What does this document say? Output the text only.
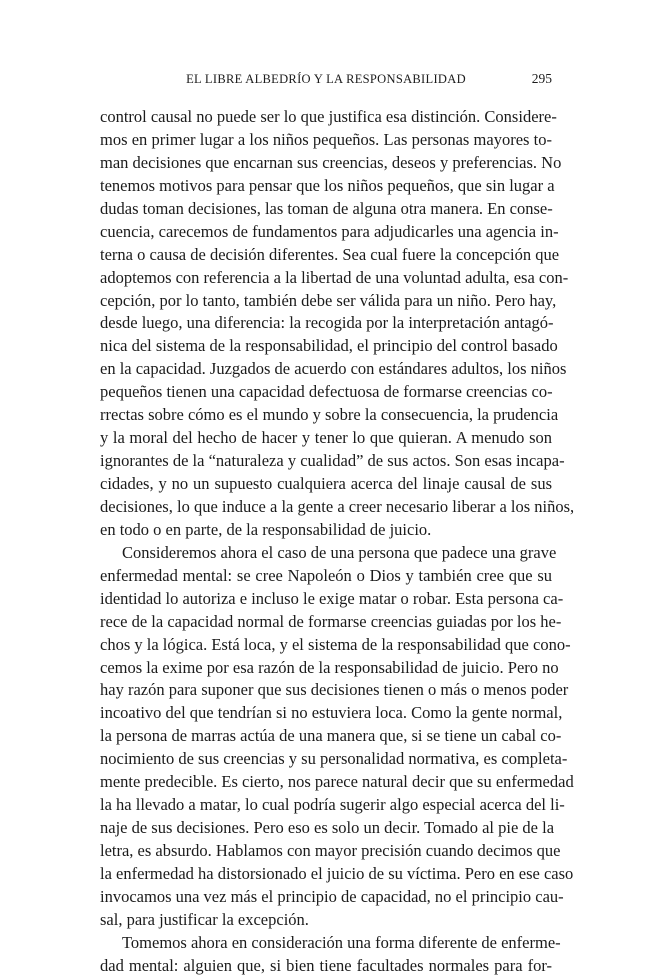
EL LIBRE ALBEDRÍO Y LA RESPONSABILIDAD	295
control causal no puede ser lo que justifica esa distinción. Considere-
mos en primer lugar a los niños pequeños. Las personas mayores to-
man decisiones que encarnan sus creencias, deseos y preferencias. No
tenemos motivos para pensar que los niños pequeños, que sin lugar a
dudas toman decisiones, las toman de alguna otra manera. En conse-
cuencia, carecemos de fundamentos para adjudicarles una agencia in-
terna o causa de decisión diferentes. Sea cual fuere la concepción que
adoptemos con referencia a la libertad de una voluntad adulta, esa con-
cepción, por lo tanto, también debe ser válida para un niño. Pero hay,
desde luego, una diferencia: la recogida por la interpretación antagó-
nica del sistema de la responsabilidad, el principio del control basado
en la capacidad. Juzgados de acuerdo con estándares adultos, los niños
pequeños tienen una capacidad defectuosa de formarse creencias co-
rrectas sobre cómo es el mundo y sobre la consecuencia, la prudencia
y la moral del hecho de hacer y tener lo que quieran. A menudo son
ignorantes de la “naturaleza y cualidad” de sus actos. Son esas incapa-
cidades, y no un supuesto cualquiera acerca del linaje causal de sus
decisiones, lo que induce a la gente a creer necesario liberar a los niños,
en todo o en parte, de la responsabilidad de juicio.
Consideremos ahora el caso de una persona que padece una grave
enfermedad mental: se cree Napoleón o Dios y también cree que su
identidad lo autoriza e incluso le exige matar o robar. Esta persona ca-
rece de la capacidad normal de formarse creencias guiadas por los he-
chos y la lógica. Está loca, y el sistema de la responsabilidad que cono-
cemos la exime por esa razón de la responsabilidad de juicio. Pero no
hay razón para suponer que sus decisiones tienen o más o menos poder
incoativo del que tendrían si no estuviera loca. Como la gente normal,
la persona de marras actúa de una manera que, si se tiene un cabal co-
nocimiento de sus creencias y su personalidad normativa, es completa-
mente predecible. Es cierto, nos parece natural decir que su enfermedad
la ha llevado a matar, lo cual podría sugerir algo especial acerca del li-
naje de sus decisiones. Pero eso es solo un decir. Tomado al pie de la
letra, es absurdo. Hablamos con mayor precisión cuando decimos que
la enfermedad ha distorsionado el juicio de su víctima. Pero en ese caso
invocamos una vez más el principio de capacidad, no el principio cau-
sal, para justificar la excepción.
Tomemos ahora en consideración una forma diferente de enferme-
dad mental: alguien que, si bien tiene facultades normales para for-
